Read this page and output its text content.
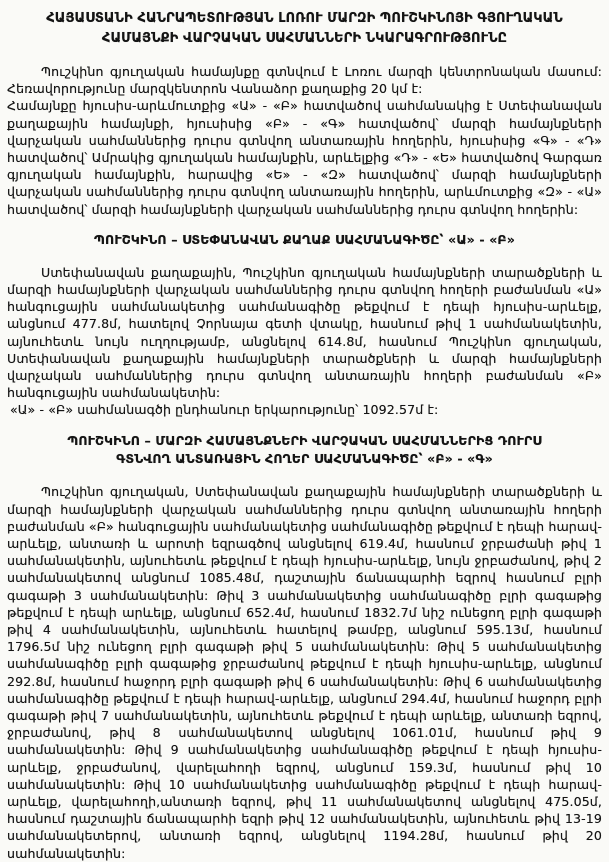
ՀԱՅԱՍՏԱՆԻ ՀԱՆՐԱՊԵՏՈՒԹՅԱՆ ԼՈՌՈՒ ՄԱՐԶԻ ՊՈՒՇԿԻՆՈՅԻ ԳՅՈՒՂԱԿԱՆ ՀԱՄԱՅՆՔԻ ՎԱՐՉԱԿԱՆ ՍԱՀՄԱՆՆԵՐԻ ՆԿԱՐԱԳՐՈՒԹՅՈՒՆԸ

Պուշկինո գյուղական համայնքը գտնվում է Լոռու մարզի կենտրոնական մասում: Հեռավորությունը մարզկենտրոն Վանաձոր քաղաքից 20 կմ է:

Համայնքը հյուսիս-արևմուտքից «Ա» - «Բ» հատվածով սահմանակից է Ստեփանավան քաղաքային համայնքի, հյուսիսից «Բ» - «Գ» հատվածով՝ մարզի համայնքների վարչական սահմաններից դուրս գտնվող անտառային հողերին, հյուսիսից «Գ» - «Դ» հատվածով՝ Ամրակից գյուղական համայնքին, արևելքից «Դ» - «Ե» հատվածով Գարգառ գյուղական համայնքին, հարավից «Ե» - «Զ» հատվածով՝ մարզի համայնքների վարչական սահմաններից դուրս գտնվող անտառային հողերին, արևմուտքից «Զ» - «Ա» հատվածով՝ մարզի համայնքների վարչական սահմաններից դուրս գտնվող հողերին:

ՊՈՒՇԿԻՆՈ – ՍՏԵՓԱՆԱՎԱՆ ՔԱՂԱՔ ՍԱՀՄԱՆԱԳԻԾԸ՝ «Ա» - «Բ»

Ստեփանավան քաղաքային, Պուշկինո գյուղական համայնքների տարածքների և մարզի համայնքների վարչական սահմաններից դուրս գտնվող հողերի բաժանման «Ա» հանգուցային սահմանակետից սահմանագիծը թեքվում է դեպի հյուսիս-արևելք, անցնում 477.8մ, հատելով Չորնայա գետի վտակը, հասնում թիվ 1 սահմանակետին, այնուհետև նույն ուղղությամբ, անցնելով 614.8մ, հասնում Պուշկինո գյուղական, Ստեփանավան քաղաքային համայնքների տարածքների և մարզի համայնքների վարչական սահմաններից դուրս գտնվող անտառային հողերի բաժանման «Բ» հանգուցային սահմանակետին:

«Ա» - «Բ» սահմանագծի ընդհանուր երկարությունը՝ 1092.57մ է:

ՊՈՒՇԿԻՆՈ – ՄԱՐԶԻ ՀԱՄԱՅՆՔՆԵՐԻ ՎԱՐՉԱԿԱՆ ՍԱՀՄԱՆՆԵՐԻՑ ԴՈՒՐՍ ԳՏՆՎՈՂ ԱՆՏԱՌԱՅԻՆ ՀՈՂԵՐ ՍԱՀՄԱՆԱԳԻԾԸ՝ «Բ» - «Գ»

Պուշկինո գյուղական, Ստեփանավան քաղաքային համայնքների տարածքների և մարզի համայնքների վարչական սահմաններից դուրս գտնվող անտառային հողերի բաժանման «Բ» հանգուցային սահմանակետից սահմանագիծը թեքվում է դեպի հարավ-արևելք, անտառի և արոտի եզրագծով անցնելով 619.4մ, հասնում ջրբաժանի թիվ 1 սահմանակետին, այնուհետև թեքվում է դեպի հյուսիս-արևելք, նույն ջրբաժանով, թիվ 2 սահմանակետով անցնում 1085.48մ, դաշտային ճանապարհի եզրով հասնում բլրի գագաթի 3 սահմանակետին: Թիվ 3 սահմանակետից սահմանագիծը բլրի գագաթից թեքվում է դեպի արևելք, անցնում 652.4մ, հասնում 1832.7մ նիշ ունեցող բլրի գագաթի թիվ 4 սահմանակետին, այնուհետև հատելով թամբը, անցնում 595.13մ, հասնում 1796.5մ նիշ ունեցող բլրի գագաթի թիվ 5 սահմանակետին: Թիվ 5 սահմանակետից սահմանագիծը բլրի գագաթից ջրբաժանով թեքվում է դեպի հյուսիս-արևելք, անցնում 292.8մ, հասնում հաջորդ բլրի գագաթի թիվ 6 սահմանակետին: Թիվ 6 սահմանակետից սահմանագիծը թեքվում է դեպի հարավ-արևելք, անցնում 294.4մ, հասնում հաջորդ բլրի գագաթի թիվ 7 սահմանակետին, այնուհետև թեքվում է դեպի արևելք, անտառի եզրով, ջրբաժանով, թիվ 8 սահմանակետով անցնելով 1061.01մ, հասնում թիվ 9 սահմանակետին: Թիվ 9 սահմանակետից սահմանագիծը թեքվում է դեպի հյուսիս-արևելք, ջրբաժանով, վարելահողի եզրով, անցնում 159.3մ, հասնում թիվ 10 սահմանակետին: Թիվ 10 սահմանակետից սահմանագիծը թեքվում է դեպի հարավ-արևելք, վարելահողի,անտառի եզրով, թիվ 11 սահմանակետով անցնելով 475.05մ, հասնում դաշտային ճանապարհի եզրի թիվ 12 սահմանակետին, այնուհետև թիվ 13-19 սահմանակետերով, անտառի եզրով, անցնելով 1194.28մ, հասնում թիվ 20 սահմանակետին:
